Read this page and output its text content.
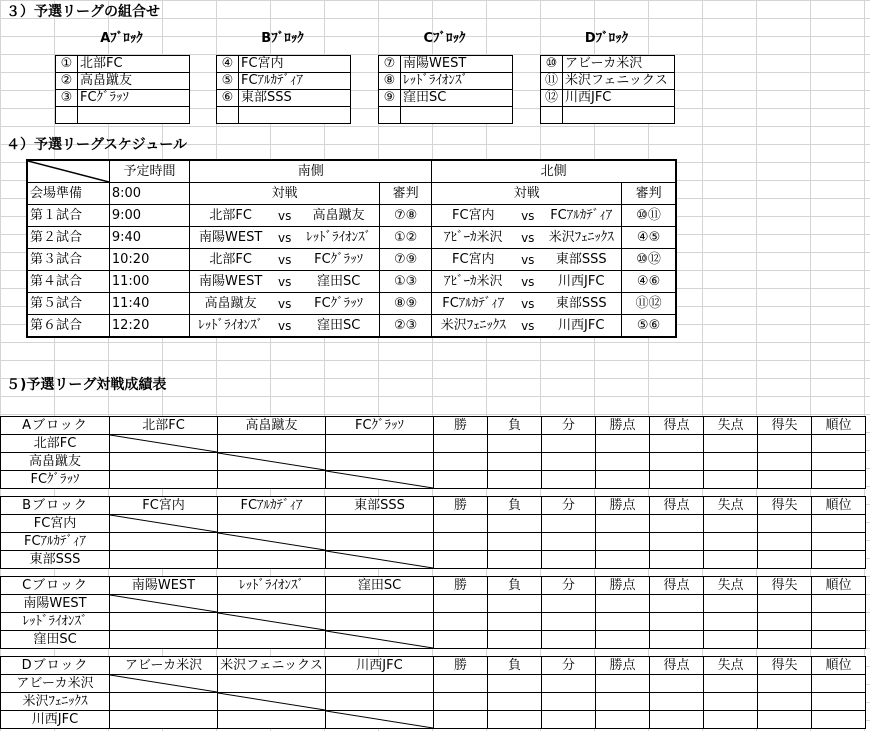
３）予選リーグの組合せ
Aﾌﾞﾛｯｸ
①	北部FC
②	高畠蹴友
③	FCｸﾞﾗｯｿ

Bﾌﾞﾛｯｸ
④	FC宮内
⑤	FCｱﾙｶﾃﾞｨｱ
⑥	東部SSS

Cﾌﾞﾛｯｸ
⑦	南陽WEST
⑧	ﾚｯﾄﾞﾗｲｵﾝｽﾞ
⑨	窪田SC

Dﾌﾞﾛｯｸ
⑩	アビーカ米沢
⑪	米沢フェニックス
⑫	川西JFC

４）予選リーグスケジュール
	予定時間	南側				北側			
会場準備	8:00	対戦			審判	対戦			審判
第１試合	9:00	北部FC	vs	高畠蹴友	⑦⑧	FC宮内	vs	FCｱﾙｶﾃﾞｨｱ	⑩⑪
第２試合	9:40	南陽WEST	vs	ﾚｯﾄﾞﾗｲｵﾝｽﾞ	①②	ｱﾋﾞｰｶ米沢	vs	米沢ﾌｪﾆｯｸｽ	④⑤
第３試合	10:20	北部FC	vs	FCｸﾞﾗｯｿ	⑦⑨	FC宮内	vs	東部SSS	⑩⑫
第４試合	11:00	南陽WEST	vs	窪田SC	①③	ｱﾋﾞｰｶ米沢	vs	川西JFC	④⑥
第５試合	11:40	高畠蹴友	vs	FCｸﾞﾗｯｿ	⑧⑨	FCｱﾙｶﾃﾞｨｱ	vs	東部SSS	⑪⑫
第６試合	12:20	ﾚｯﾄﾞﾗｲｵﾝｽﾞ	vs	窪田SC	②③	米沢ﾌｪﾆｯｸｽ	vs	川西JFC	⑤⑥
５)予選リーグ対戦成績表
Aブロック	北部FC	高畠蹴友	FCｸﾞﾗｯｿ	勝	負	分	勝点	得点	失点	得失	順位
北部FC	

高畠蹴友		

FCｸﾞﾗｯｿ			

Bブロック	FC宮内	FCｱﾙｶﾃﾞｨｱ	東部SSS	勝	負	分	勝点	得点	失点	得失	順位
FC宮内	

FCｱﾙｶﾃﾞｨｱ		

東部SSS			

Cブロック	南陽WEST	ﾚｯﾄﾞﾗｲｵﾝｽﾞ	窪田SC	勝	負	分	勝点	得点	失点	得失	順位
南陽WEST	

ﾚｯﾄﾞﾗｲｵﾝｽﾞ		

窪田SC			

Dブロック	アビーカ米沢	米沢フェニックス	川西JFC	勝	負	分	勝点	得点	失点	得失	順位
アビーカ米沢	

米沢ﾌｪﾆｯｸｽ		

川西JFC			
